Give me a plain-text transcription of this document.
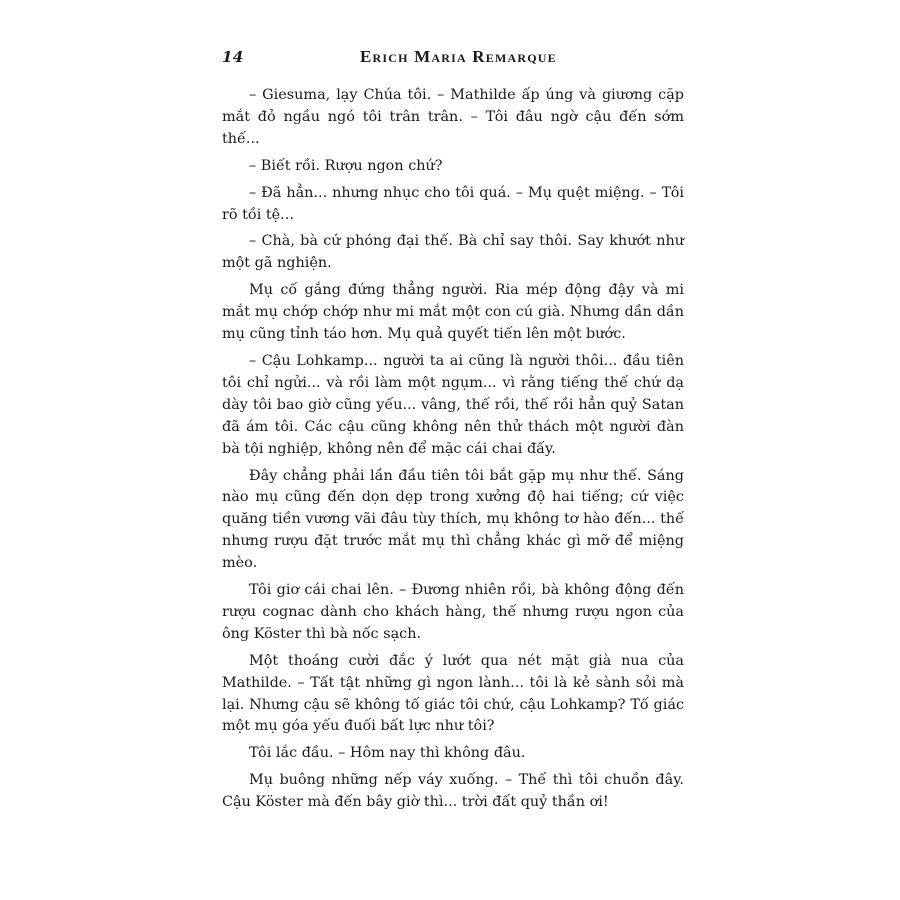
14	Erich Maria Remarque

– Giesuma, lạy Chúa tôi. – Mathilde ấp úng và giương cặp mắt đỏ ngầu ngó tôi trân trân. – Tôi đâu ngờ cậu đến sớm thế...

– Biết rồi. Rượu ngon chứ?

– Đã hẳn... nhưng nhục cho tôi quá. – Mụ quệt miệng. – Tôi rõ tồi tệ...

– Chà, bà cứ phóng đại thế. Bà chỉ say thôi. Say khướt như một gã nghiện.

Mụ cố gắng đứng thẳng người. Ria mép động đậy và mi mắt mụ chớp chớp như mi mắt một con cú già. Nhưng dần dần mụ cũng tỉnh táo hơn. Mụ quả quyết tiến lên một bước.

– Cậu Lohkamp... người ta ai cũng là người thôi... đầu tiên tôi chỉ ngửi... và rồi làm một ngụm... vì rằng tiếng thế chứ dạ dày tôi bao giờ cũng yếu... vâng, thế rồi, thế rồi hẳn quỷ Satan đã ám tôi. Các cậu cũng không nên thử thách một người đàn bà tội nghiệp, không nên để mặc cái chai đấy.

Đây chẳng phải lần đầu tiên tôi bắt gặp mụ như thế. Sáng nào mụ cũng đến dọn dẹp trong xưởng độ hai tiếng; cứ việc quăng tiền vương vãi đâu tùy thích, mụ không tơ hào đến... thế nhưng rượu đặt trước mắt mụ thì chẳng khác gì mỡ để miệng mèo.

Tôi giơ cái chai lên. – Đương nhiên rồi, bà không động đến rượu cognac dành cho khách hàng, thế nhưng rượu ngon của ông Köster thì bà nốc sạch.

Một thoáng cười đắc ý lướt qua nét mặt già nua của Mathilde. – Tất tật những gì ngon lành... tôi là kẻ sành sỏi mà lại. Nhưng cậu sẽ không tố giác tôi chứ, cậu Lohkamp? Tố giác một mụ góa yếu đuối bất lực như tôi?

Tôi lắc đầu. – Hôm nay thì không đâu.

Mụ buông những nếp váy xuống. – Thế thì tôi chuồn đây. Cậu Köster mà đến bây giờ thì... trời đất quỷ thần ơi!
